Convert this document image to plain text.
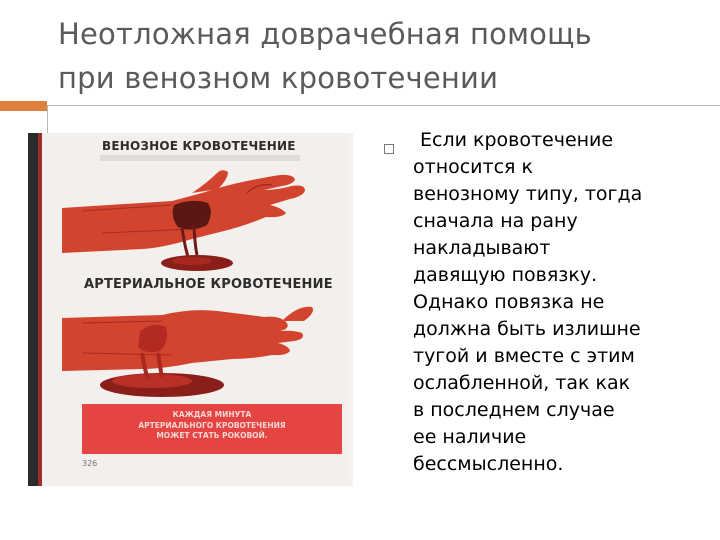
Неотложная доврачебная помощь
при венозном кровотечении
ВЕНОЗНОЕ КРОВОТЕЧЕНИЕ
АРТЕРИАЛЬНОЕ КРОВОТЕЧЕНИЕ
КАЖДАЯ МИНУТА
АРТЕРИАЛЬНОГО КРОВОТЕЧЕНИЯ
МОЖЕТ СТАТЬ РОКОВОЙ.
326
Если кровотечение
относится к
венозному типу, тогда
сначала на рану
накладывают
давящую повязку.
Однако повязка не
должна быть излишне
тугой и вместе с этим
ослабленной, так как
в последнем случае
ее наличие
бессмысленно.
